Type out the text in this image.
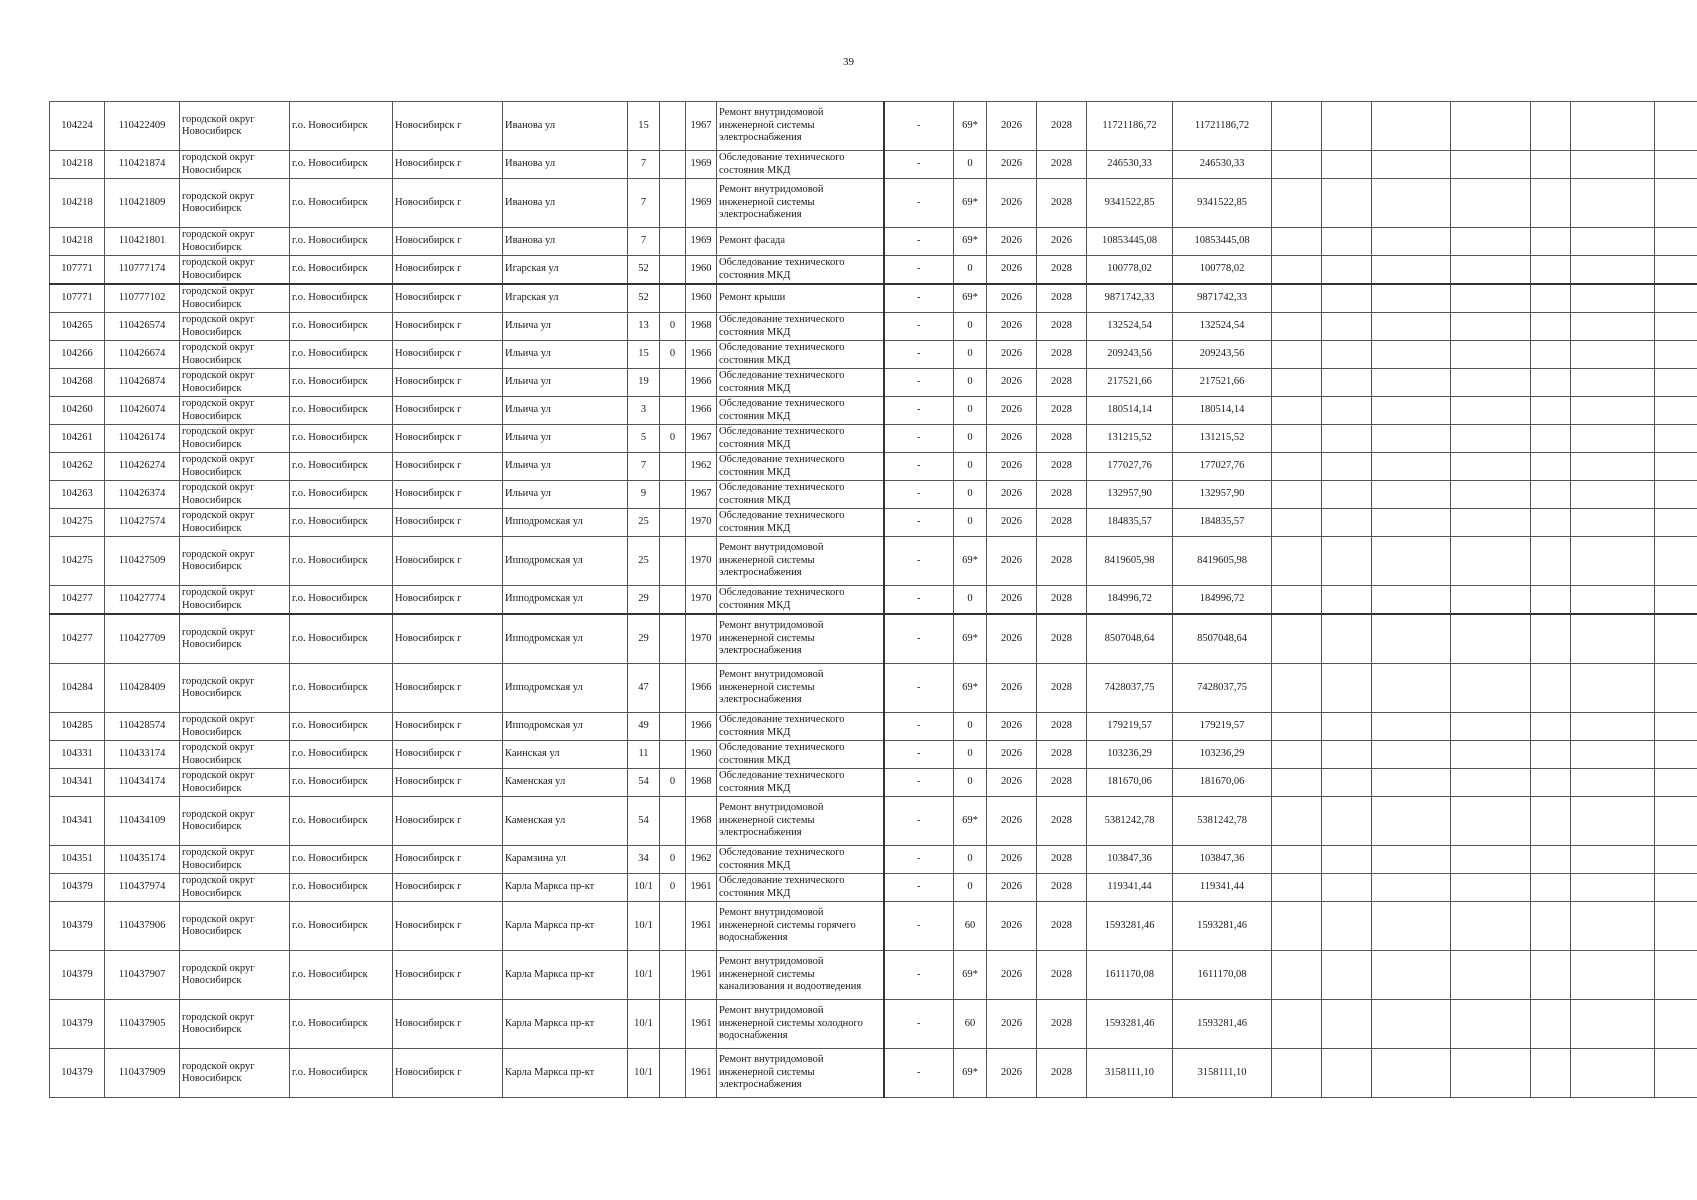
39
104224	110422409	городской округ Новосибирск	г.о. Новосибирск	Новосибирск г	Иванова ул	15		1967	Ремонт внутридомовой инженерной системы электроснабжения	-	69*	2026	2028	11721186,72	11721186,72							
104218	110421874	городской округ Новосибирск	г.о. Новосибирск	Новосибирск г	Иванова ул	7		1969	Обследование технического состояния МКД	-	0	2026	2028	246530,33	246530,33							
104218	110421809	городской округ Новосибирск	г.о. Новосибирск	Новосибирск г	Иванова ул	7		1969	Ремонт внутридомовой инженерной системы электроснабжения	-	69*	2026	2028	9341522,85	9341522,85							
104218	110421801	городской округ Новосибирск	г.о. Новосибирск	Новосибирск г	Иванова ул	7		1969	Ремонт фасада	-	69*	2026	2026	10853445,08	10853445,08							
107771	110777174	городской округ Новосибирск	г.о. Новосибирск	Новосибирск г	Игарская ул	52		1960	Обследование технического состояния МКД	-	0	2026	2028	100778,02	100778,02							
107771	110777102	городской округ Новосибирск	г.о. Новосибирск	Новосибирск г	Игарская ул	52		1960	Ремонт крыши	-	69*	2026	2028	9871742,33	9871742,33							
104265	110426574	городской округ Новосибирск	г.о. Новосибирск	Новосибирск г	Ильича ул	13	0	1968	Обследование технического состояния МКД	-	0	2026	2028	132524,54	132524,54							
104266	110426674	городской округ Новосибирск	г.о. Новосибирск	Новосибирск г	Ильича ул	15	0	1966	Обследование технического состояния МКД	-	0	2026	2028	209243,56	209243,56							
104268	110426874	городской округ Новосибирск	г.о. Новосибирск	Новосибирск г	Ильича ул	19		1966	Обследование технического состояния МКД	-	0	2026	2028	217521,66	217521,66							
104260	110426074	городской округ Новосибирск	г.о. Новосибирск	Новосибирск г	Ильича ул	3		1966	Обследование технического состояния МКД	-	0	2026	2028	180514,14	180514,14							
104261	110426174	городской округ Новосибирск	г.о. Новосибирск	Новосибирск г	Ильича ул	5	0	1967	Обследование технического состояния МКД	-	0	2026	2028	131215,52	131215,52							
104262	110426274	городской округ Новосибирск	г.о. Новосибирск	Новосибирск г	Ильича ул	7		1962	Обследование технического состояния МКД	-	0	2026	2028	177027,76	177027,76							
104263	110426374	городской округ Новосибирск	г.о. Новосибирск	Новосибирск г	Ильича ул	9		1967	Обследование технического состояния МКД	-	0	2026	2028	132957,90	132957,90							
104275	110427574	городской округ Новосибирск	г.о. Новосибирск	Новосибирск г	Ипподромская ул	25		1970	Обследование технического состояния МКД	-	0	2026	2028	184835,57	184835,57							
104275	110427509	городской округ Новосибирск	г.о. Новосибирск	Новосибирск г	Ипподромская ул	25		1970	Ремонт внутридомовой инженерной системы электроснабжения	-	69*	2026	2028	8419605,98	8419605,98							
104277	110427774	городской округ Новосибирск	г.о. Новосибирск	Новосибирск г	Ипподромская ул	29		1970	Обследование технического состояния МКД	-	0	2026	2028	184996,72	184996,72							
104277	110427709	городской округ Новосибирск	г.о. Новосибирск	Новосибирск г	Ипподромская ул	29		1970	Ремонт внутридомовой инженерной системы электроснабжения	-	69*	2026	2028	8507048,64	8507048,64							
104284	110428409	городской округ Новосибирск	г.о. Новосибирск	Новосибирск г	Ипподромская ул	47		1966	Ремонт внутридомовой инженерной системы электроснабжения	-	69*	2026	2028	7428037,75	7428037,75							
104285	110428574	городской округ Новосибирск	г.о. Новосибирск	Новосибирск г	Ипподромская ул	49		1966	Обследование технического состояния МКД	-	0	2026	2028	179219,57	179219,57							
104331	110433174	городской округ Новосибирск	г.о. Новосибирск	Новосибирск г	Каинская ул	11		1960	Обследование технического состояния МКД	-	0	2026	2028	103236,29	103236,29							
104341	110434174	городской округ Новосибирск	г.о. Новосибирск	Новосибирск г	Каменская ул	54	0	1968	Обследование технического состояния МКД	-	0	2026	2028	181670,06	181670,06							
104341	110434109	городской округ Новосибирск	г.о. Новосибирск	Новосибирск г	Каменская ул	54		1968	Ремонт внутридомовой инженерной системы электроснабжения	-	69*	2026	2028	5381242,78	5381242,78							
104351	110435174	городской округ Новосибирск	г.о. Новосибирск	Новосибирск г	Карамзина ул	34	0	1962	Обследование технического состояния МКД	-	0	2026	2028	103847,36	103847,36							
104379	110437974	городской округ Новосибирск	г.о. Новосибирск	Новосибирск г	Карла Маркса пр-кт	10/1	0	1961	Обследование технического состояния МКД	-	0	2026	2028	119341,44	119341,44							
104379	110437906	городской округ Новосибирск	г.о. Новосибирск	Новосибирск г	Карла Маркса пр-кт	10/1		1961	Ремонт внутридомовой инженерной системы горячего водоснабжения	-	60	2026	2028	1593281,46	1593281,46							
104379	110437907	городской округ Новосибирск	г.о. Новосибирск	Новосибирск г	Карла Маркса пр-кт	10/1		1961	Ремонт внутридомовой инженерной системы канализования и водоотведения	-	69*	2026	2028	1611170,08	1611170,08							
104379	110437905	городской округ Новосибирск	г.о. Новосибирск	Новосибирск г	Карла Маркса пр-кт	10/1		1961	Ремонт внутридомовой инженерной системы холодного водоснабжения	-	60	2026	2028	1593281,46	1593281,46							
104379	110437909	городской округ Новосибирск	г.о. Новосибирск	Новосибирск г	Карла Маркса пр-кт	10/1		1961	Ремонт внутридомовой инженерной системы электроснабжения	-	69*	2026	2028	3158111,10	3158111,10							
